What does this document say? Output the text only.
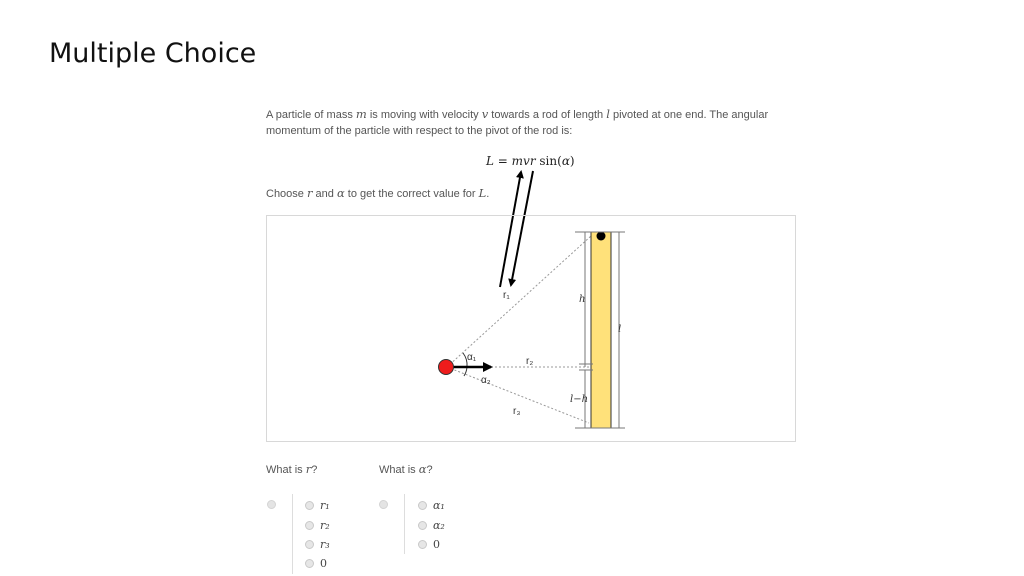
Multiple Choice
A particle of mass m is moving with velocity v towards a rod of length l pivoted at one end. The angular momentum of the particle with respect to the pivot of the rod is:
L = mvr sin(α)
Choose r and α to get the correct value for L.
r₁
r₂
r₃
α₁
α₂
h
l
l−h
What is r?	What is α?
r₁
r₂
r₃
0
α₁
α₂
0
